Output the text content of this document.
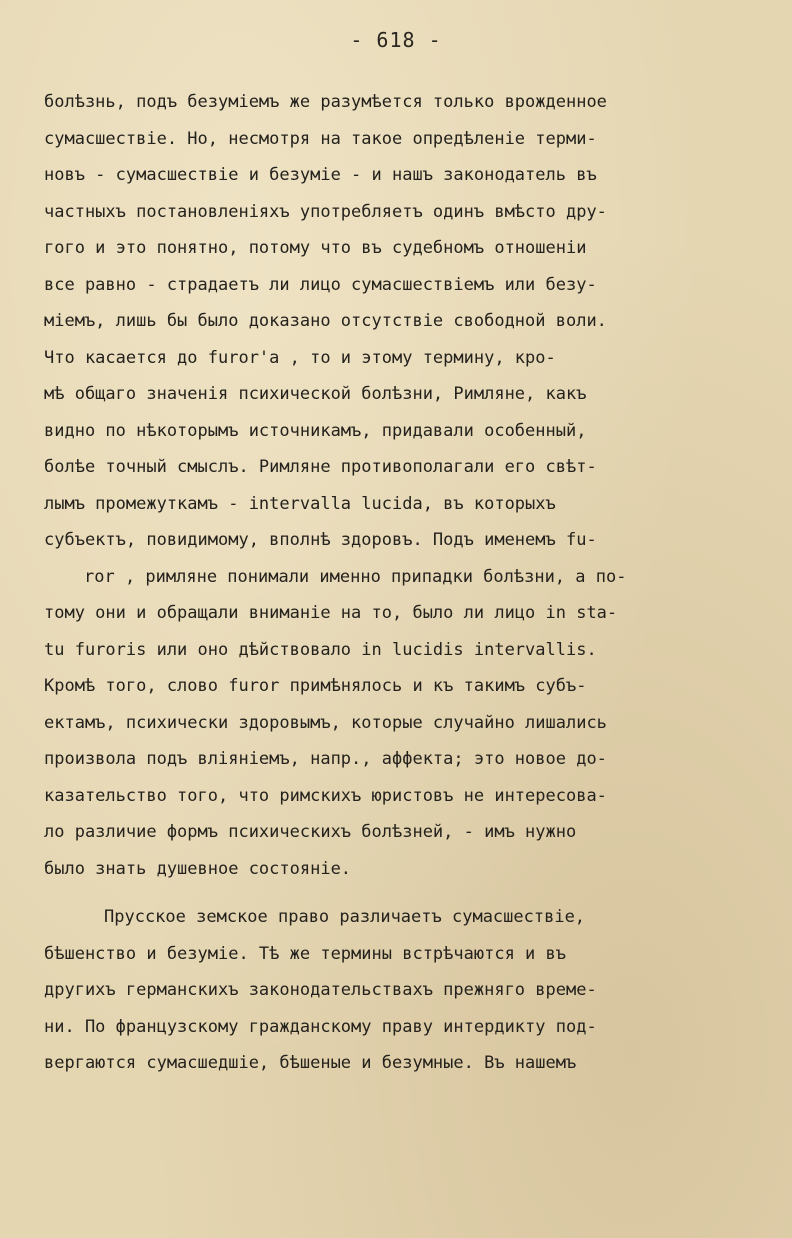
- 618 -
болѣзнь, подъ безуміемъ же разумѣется только врожденное
сумасшествіе. Но, несмотря на такое опредѣленіе терми-
новъ - сумасшествіе и безуміе - и нашъ законодатель въ
частныхъ постановленіяхъ употребляетъ одинъ вмѣсто дру-
гого и это понятно, потому что въ судебномъ отношеніи
все равно - страдаетъ ли лицо сумасшествіемъ или безу-
міемъ, лишь бы было доказано отсутствіе свободной воли.
Что касается до furor'a , то и этому термину, кро-
мѣ общаго значенія психической болѣзни, Римляне, какъ
видно по нѣкоторымъ источникамъ, придавали особенный,
болѣе точный смыслъ. Римляне противополагали его свѣт-
лымъ промежуткамъ - intervalla lucida, въ которыхъ
субъектъ, повидимому, вполнѣ здоровъ. Подъ именемъ fu-
ror , римляне понимали именно припадки болѣзни, а по-
тому они и обращали вниманіе на то, было ли лицо in sta-
tu furoris или оно дѣйствовало in lucidis intervallis.
Кромѣ того, слово furor примѣнялось и къ такимъ субъ-
ектамъ, психически здоровымъ, которые случайно лишались
произвола подъ вліяніемъ, напр., аффекта; это новое до-
казательство того, что римскихъ юристовъ не интересова-
ло различие формъ психическихъ болѣзней, - имъ нужно
было знать душевное состояніе.
Прусское земское право различаетъ сумасшествіе,
бѣшенство и безуміе. Тѣ же термины встрѣчаются и въ
другихъ германскихъ законодательствахъ прежняго време-
ни. По французскому гражданскому праву интердикту под-
вергаются сумасшедшіе, бѣшеные и безумные. Въ нашемъ
